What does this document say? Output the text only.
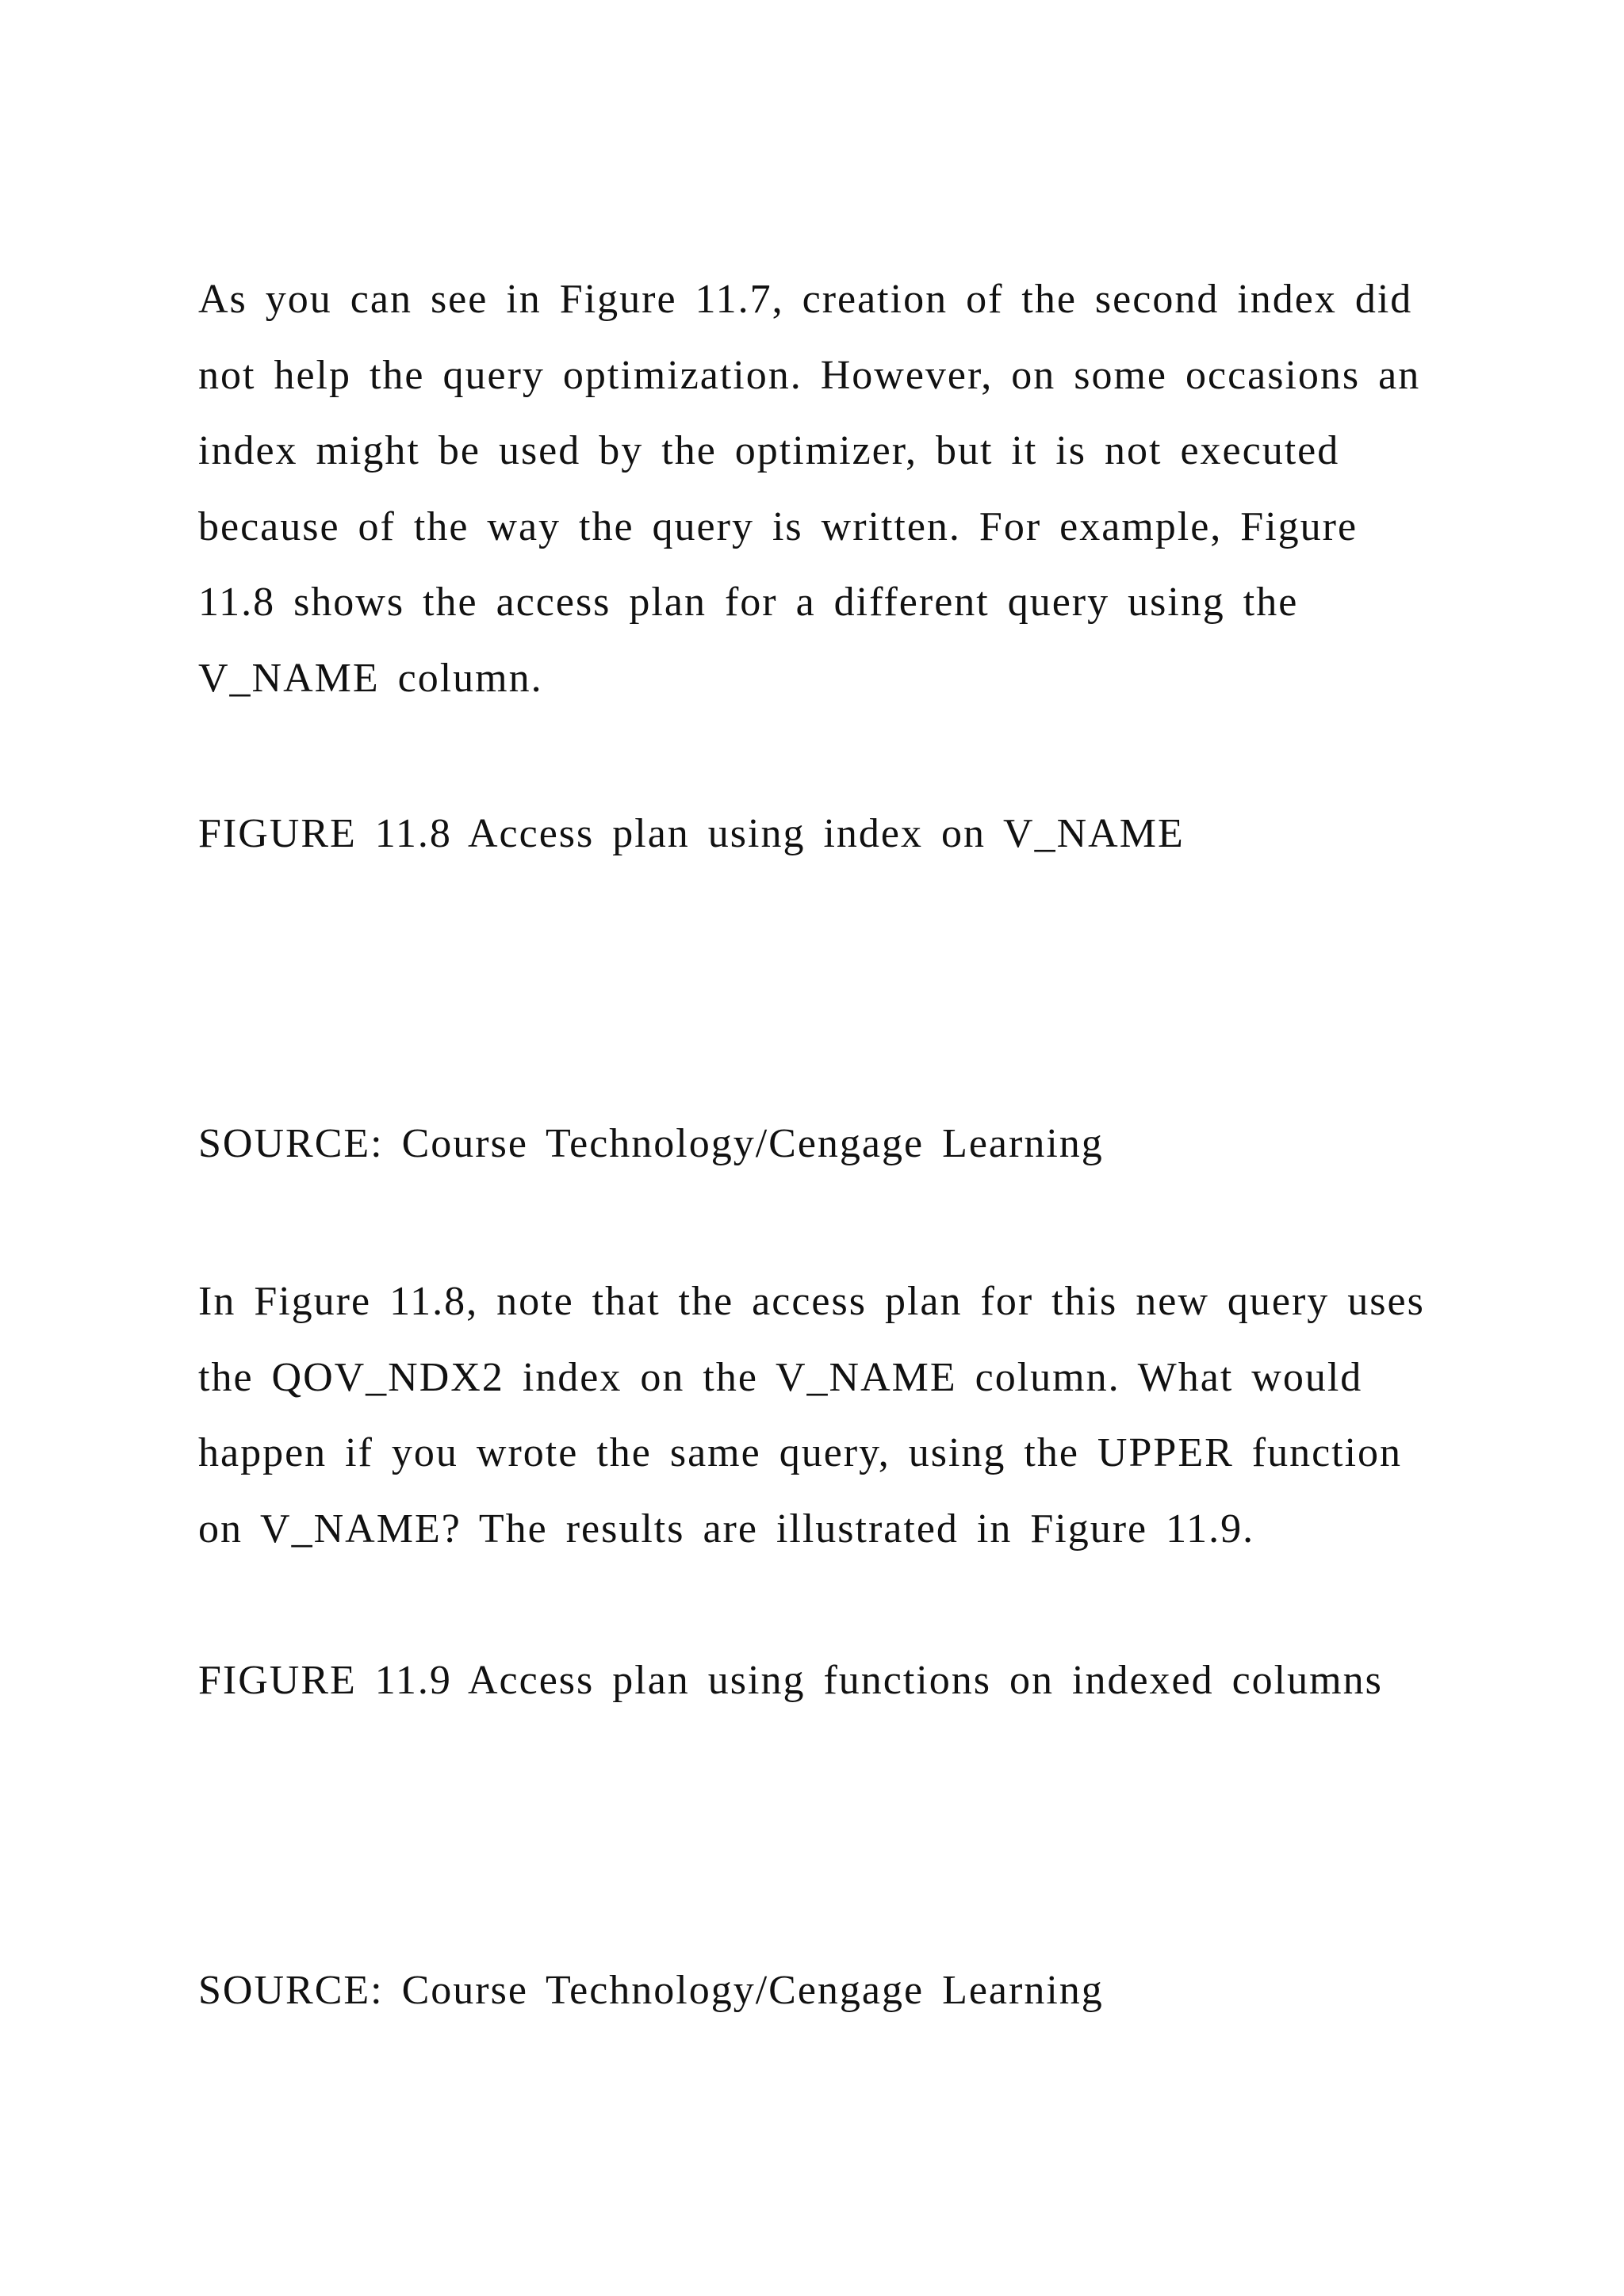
As you can see in Figure 11.7, creation of the second index did
not help the query optimization. However, on some occasions an
index might be used by the optimizer, but it is not executed
because of the way the query is written. For example, Figure
11.8 shows the access plan for a different query using the
V_NAME column.

FIGURE 11.8 Access plan using index on V_NAME

SOURCE: Course Technology/Cengage Learning

In Figure 11.8, note that the access plan for this new query uses
the QOV_NDX2 index on the V_NAME column. What would
happen if you wrote the same query, using the UPPER function
on V_NAME? The results are illustrated in Figure 11.9.

FIGURE 11.9 Access plan using functions on indexed columns

SOURCE: Course Technology/Cengage Learning
